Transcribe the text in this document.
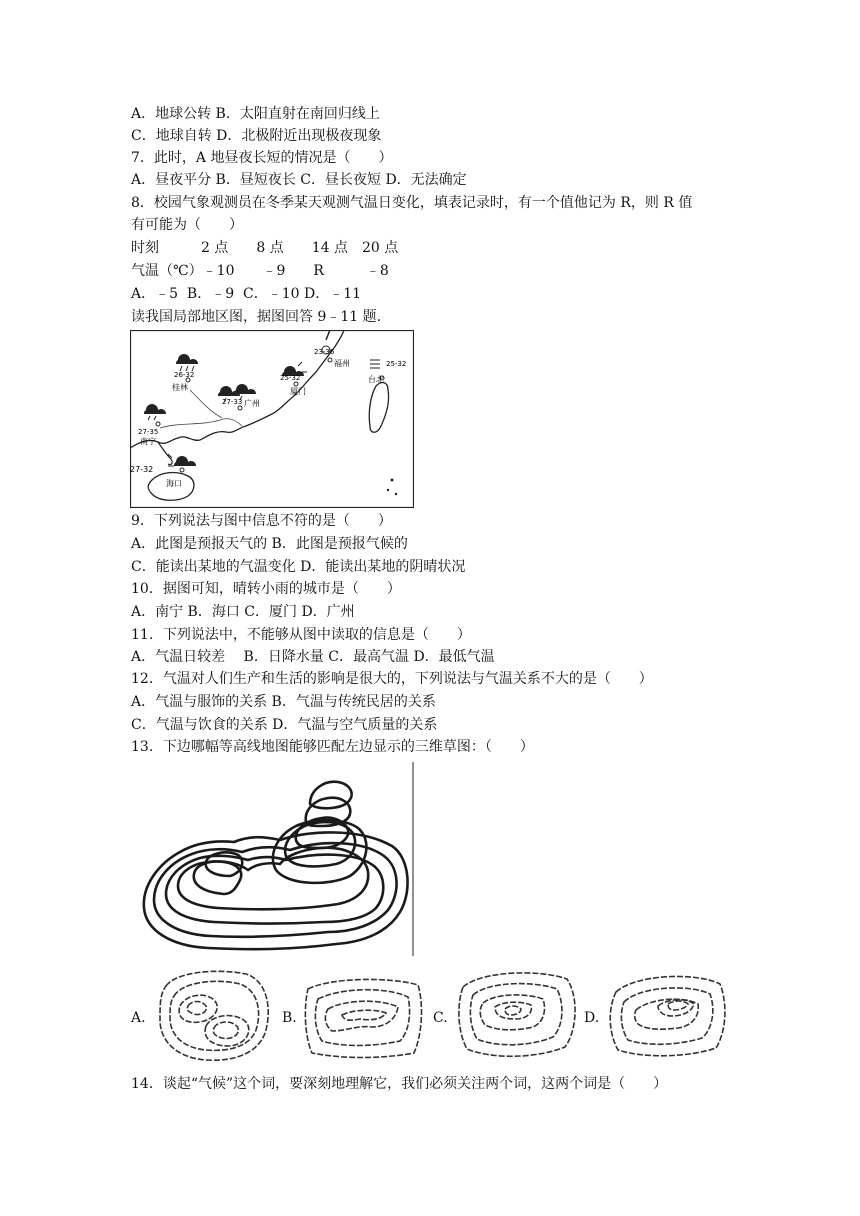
A．地球公转 B．太阳直射在南回归线上
C．地球自转 D．北极附近出现极夜现象
7．此时，A 地昼夜长短的情况是（　　）
A．昼夜平分 B．昼短夜长 C．昼长夜短 D．无法确定
8．校园气象观测员在冬季某天观测气温日变化，填表记录时，有一个值他记为 R，则 R 值
有可能为（　　）
时刻　　　2 点　　8 点　　14 点　20 点
气温（℃）﹣10　　﹣9　　R　　　﹣8
A．﹣5  B．﹣9  C．﹣10 D．﹣11
读我国局部地区图，据图回答 9﹣11 题.
26-32
桂林
27-35
南宁
27-33 广州
25-32
厦门
23-36
福州
27-32
海口
25-32
台北
9．下列说法与图中信息不符的是（　　）
A．此图是预报天气的 B．此图是预报气候的
C．能读出某地的气温变化 D．能读出某地的阴晴状况
10．据图可知，晴转小雨的城市是（　　）
A．南宁 B．海口 C．厦门 D．广州
11．下列说法中，不能够从图中读取的信息是（　　）
A．气温日较差　 B．日降水量 C．最高气温 D．最低气温
12．气温对人们生产和生活的影响是很大的，下列说法与气温关系不大的是（　　）
A．气温与服饰的关系 B．气温与传统民居的关系
C．气温与饮食的关系 D．气温与空气质量的关系
13．下边哪幅等高线地图能够匹配左边显示的三维草图：（　　）
A.	B.	C.	D.
14．谈起“气候”这个词，要深刻地理解它，我们必须关注两个词，这两个词是（　　）
